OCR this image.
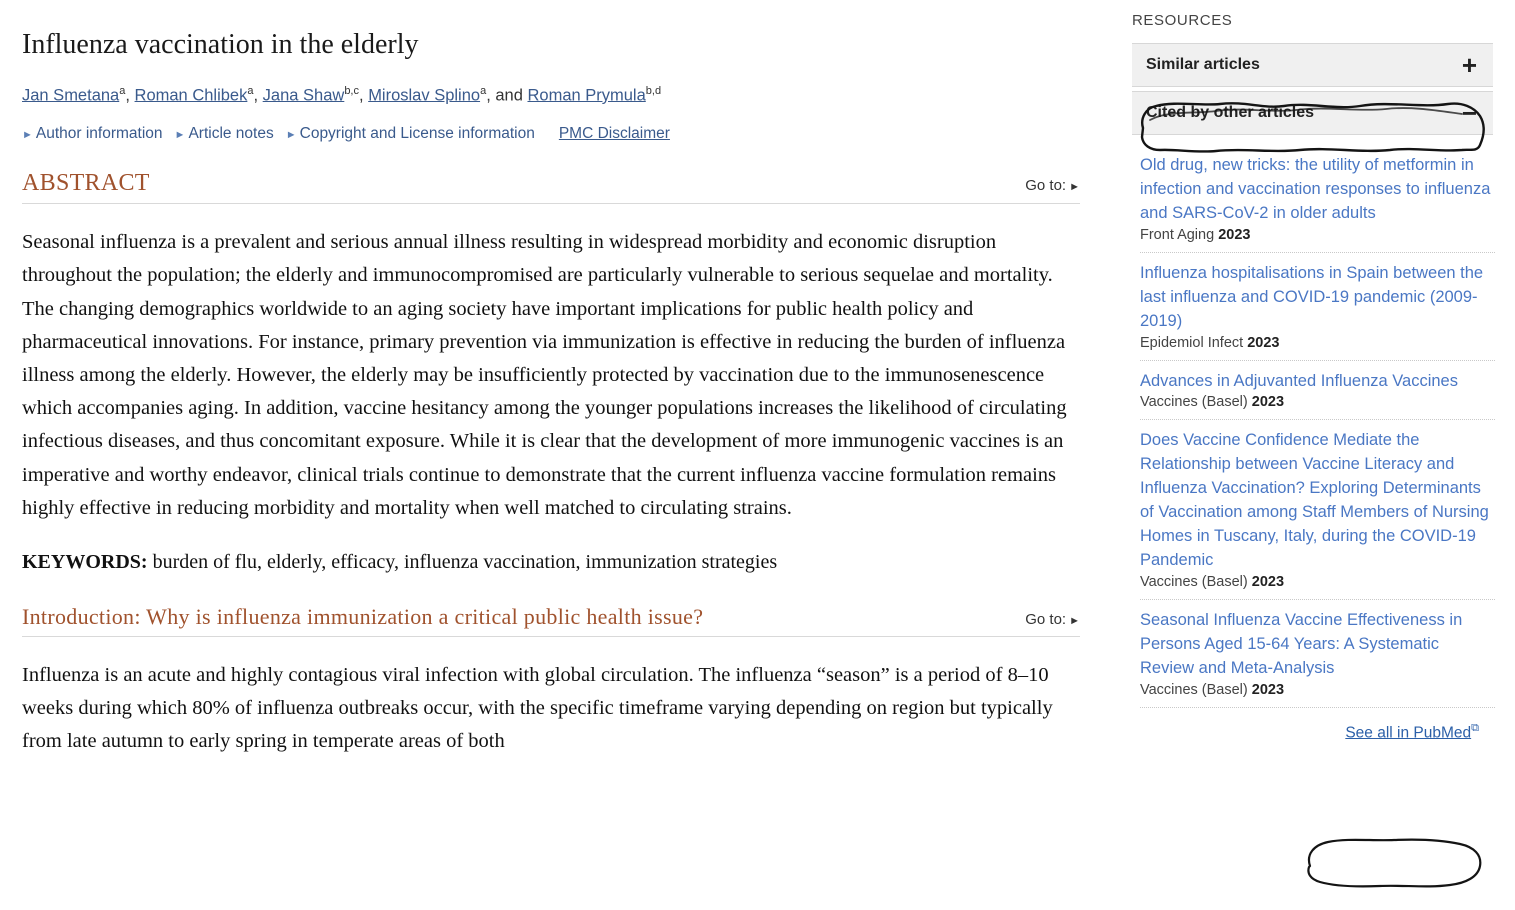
Influenza vaccination in the elderly
Jan Smetana$^a$, Roman Chlibek$^a$, Jana Shaw$^{b,c}$, Miroslav Splino$^a$, and Roman Prymula$^{b,d}$
► Author information ► Article notes ► Copyright and License information PMC Disclaimer
ABSTRACT	Go to: ►

Seasonal influenza is a prevalent and serious annual illness resulting in widespread morbidity and economic disruption throughout the population; the elderly and immunocompromised are particularly vulnerable to serious sequelae and mortality. The changing demographics worldwide to an aging society have important implications for public health policy and pharmaceutical innovations. For instance, primary prevention via immunization is effective in reducing the burden of influenza illness among the elderly. However, the elderly may be insufficiently protected by vaccination due to the immunosenescence which accompanies aging. In addition, vaccine hesitancy among the younger populations increases the likelihood of circulating infectious diseases, and thus concomitant exposure. While it is clear that the development of more immunogenic vaccines is an imperative and worthy endeavor, clinical trials continue to demonstrate that the current influenza vaccine formulation remains highly effective in reducing morbidity and mortality when well matched to circulating strains.

KEYWORDS: burden of flu, elderly, efficacy, influenza vaccination, immunization strategies

Introduction: Why is influenza immunization a critical public health issue?	Go to: ►

Influenza is an acute and highly contagious viral infection with global circulation. The influenza “season” is a period of 8–10 weeks during which 80% of influenza outbreaks occur, with the specific timeframe varying depending on region but typically from late autumn to early spring in temperate areas of both

RESOURCES
Similar articles	+
Cited by other articles	−
Old drug, new tricks: the utility of metformin in infection and vaccination responses to influenza and SARS-CoV-2 in older adults
Front Aging 2023
Influenza hospitalisations in Spain between the last influenza and COVID-19 pandemic (2009-2019)
Epidemiol Infect 2023
Advances in Adjuvanted Influenza Vaccines
Vaccines (Basel) 2023
Does Vaccine Confidence Mediate the Relationship between Vaccine Literacy and Influenza Vaccination? Exploring Determinants of Vaccination among Staff Members of Nursing Homes in Tuscany, Italy, during the COVID-19 Pandemic
Vaccines (Basel) 2023
Seasonal Influenza Vaccine Effectiveness in Persons Aged 15-64 Years: A Systematic Review and Meta-Analysis
Vaccines (Basel) 2023
See all in PubMed⧉
